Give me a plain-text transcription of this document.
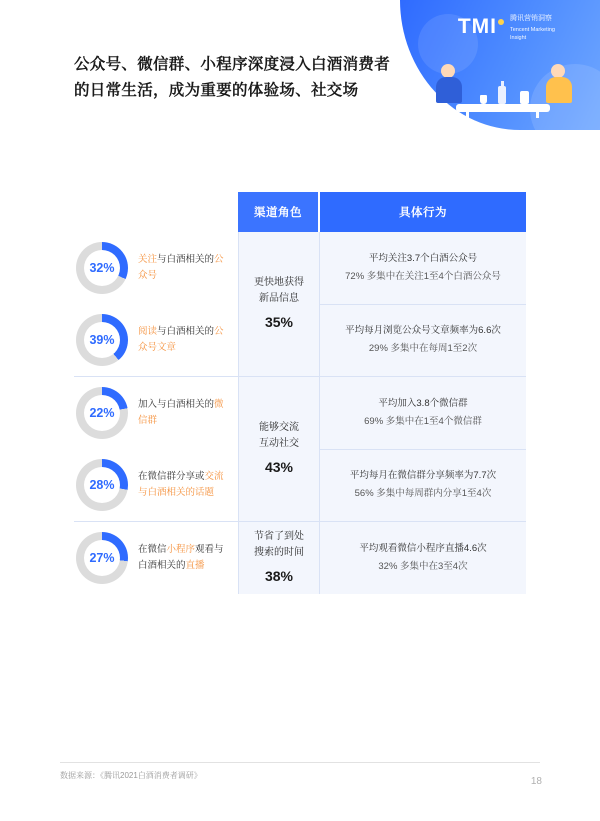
TMI	腾讯营销洞察
Tencent Marketing Insight
公众号、微信群、小程序深度浸入白酒消费者的日常生活，成为重要的体验场、社交场
渠道角色	具体行为
32%
关注与白酒相关的公众号
39%
阅读与白酒相关的公众号文章
更快地获得
新品信息
35%
平均关注3.7个白酒公众号
72% 多集中在关注1至4个白酒公众号
平均每月浏览公众号文章频率为6.6次
29% 多集中在每周1至2次
22%
加入与白酒相关的微信群
28%
在微信群分享或交流与白酒相关的话题
能够交流
互动社交
43%
平均加入3.8个微信群
69% 多集中在1至4个微信群
平均每月在微信群分享频率为7.7次
56% 多集中每周群内分享1至4次
27%
在微信小程序观看与白酒相关的直播
节省了到处
搜索的时间
38%
平均观看微信小程序直播4.6次
32% 多集中在3至4次
数据来源：《腾讯2021白酒消费者调研》
18
